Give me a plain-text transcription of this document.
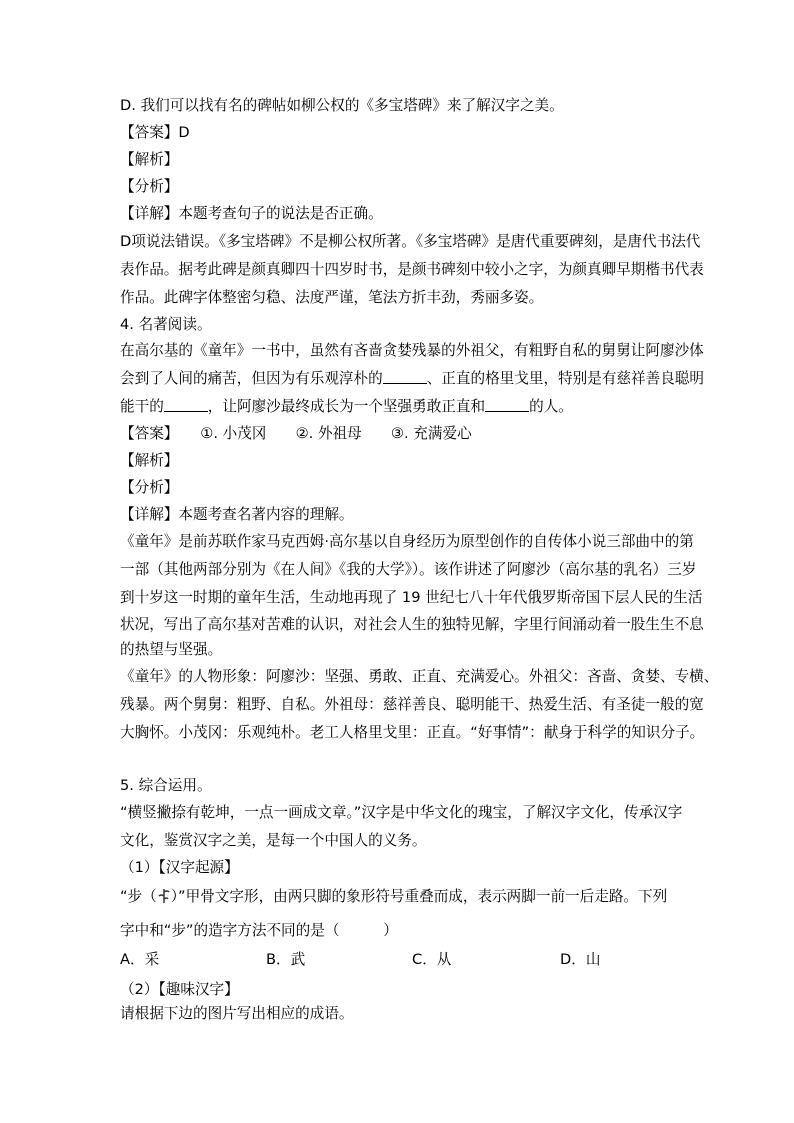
D. 我们可以找有名的碑帖如柳公权的《多宝塔碑》来了解汉字之美。
【答案】D
【解析】
【分析】
【详解】本题考查句子的说法是否正确。
D项说法错误。《多宝塔碑》不是柳公权所著。《多宝塔碑》是唐代重要碑刻，是唐代书法代
表作品。据考此碑是颜真卿四十四岁时书，是颜书碑刻中较小之字，为颜真卿早期楷书代表
作品。此碑字体整密匀稳、法度严谨，笔法方折丰劲，秀丽多姿。
4. 名著阅读。
在高尔基的《童年》一书中，虽然有吝啬贪婪残暴的外祖父，有粗野自私的舅舅让阿廖沙体
会到了人间的痛苦，但因为有乐观淳朴的	、正直的格里戈里，特别是有慈祥善良聪明
能干的	，让阿廖沙最终成长为一个坚强勇敢正直和	的人。
【答案】　　①. 小茂冈　　②. 外祖母　　③. 充满爱心
【解析】
【分析】
【详解】本题考查名著内容的理解。
《童年》是前苏联作家马克西姆·高尔基以自身经历为原型创作的自传体小说三部曲中的第
一部（其他两部分别为《在人间》《我的大学》）。该作讲述了阿廖沙（高尔基的乳名）三岁
到十岁这一时期的童年生活，生动地再现了 19 世纪七八十年代俄罗斯帝国下层人民的生活
状况，写出了高尔基对苦难的认识，对社会人生的独特见解，字里行间涌动着一股生生不息
的热望与坚强。
《童年》的人物形象：阿廖沙：坚强、勇敢、正直、充满爱心。外祖父：吝啬、贪婪、专横、
残暴。两个舅舅：粗野、自私。外祖母：慈祥善良、聪明能干、热爱生活、有圣徒一般的宽
大胸怀。小茂冈：乐观纯朴。老工人格里戈里：正直。“好事情”：献身于科学的知识分子。
5. 综合运用。
“横竖撇捺有乾坤，一点一画成文章。”汉字是中华文化的瑰宝，了解汉字文化，传承汉字
文化，鉴赏汉字之美，是每一个中国人的义务。
（1）【汉字起源】
“步（ ）”甲骨文字形，由两只脚的象形符号重叠而成，表示两脚一前一后走路。下列
字中和“步”的造字方法不同的是（　　　）
A．采	B．武	C．从	D．山
（2）【趣味汉字】
请根据下边的图片写出相应的成语。
